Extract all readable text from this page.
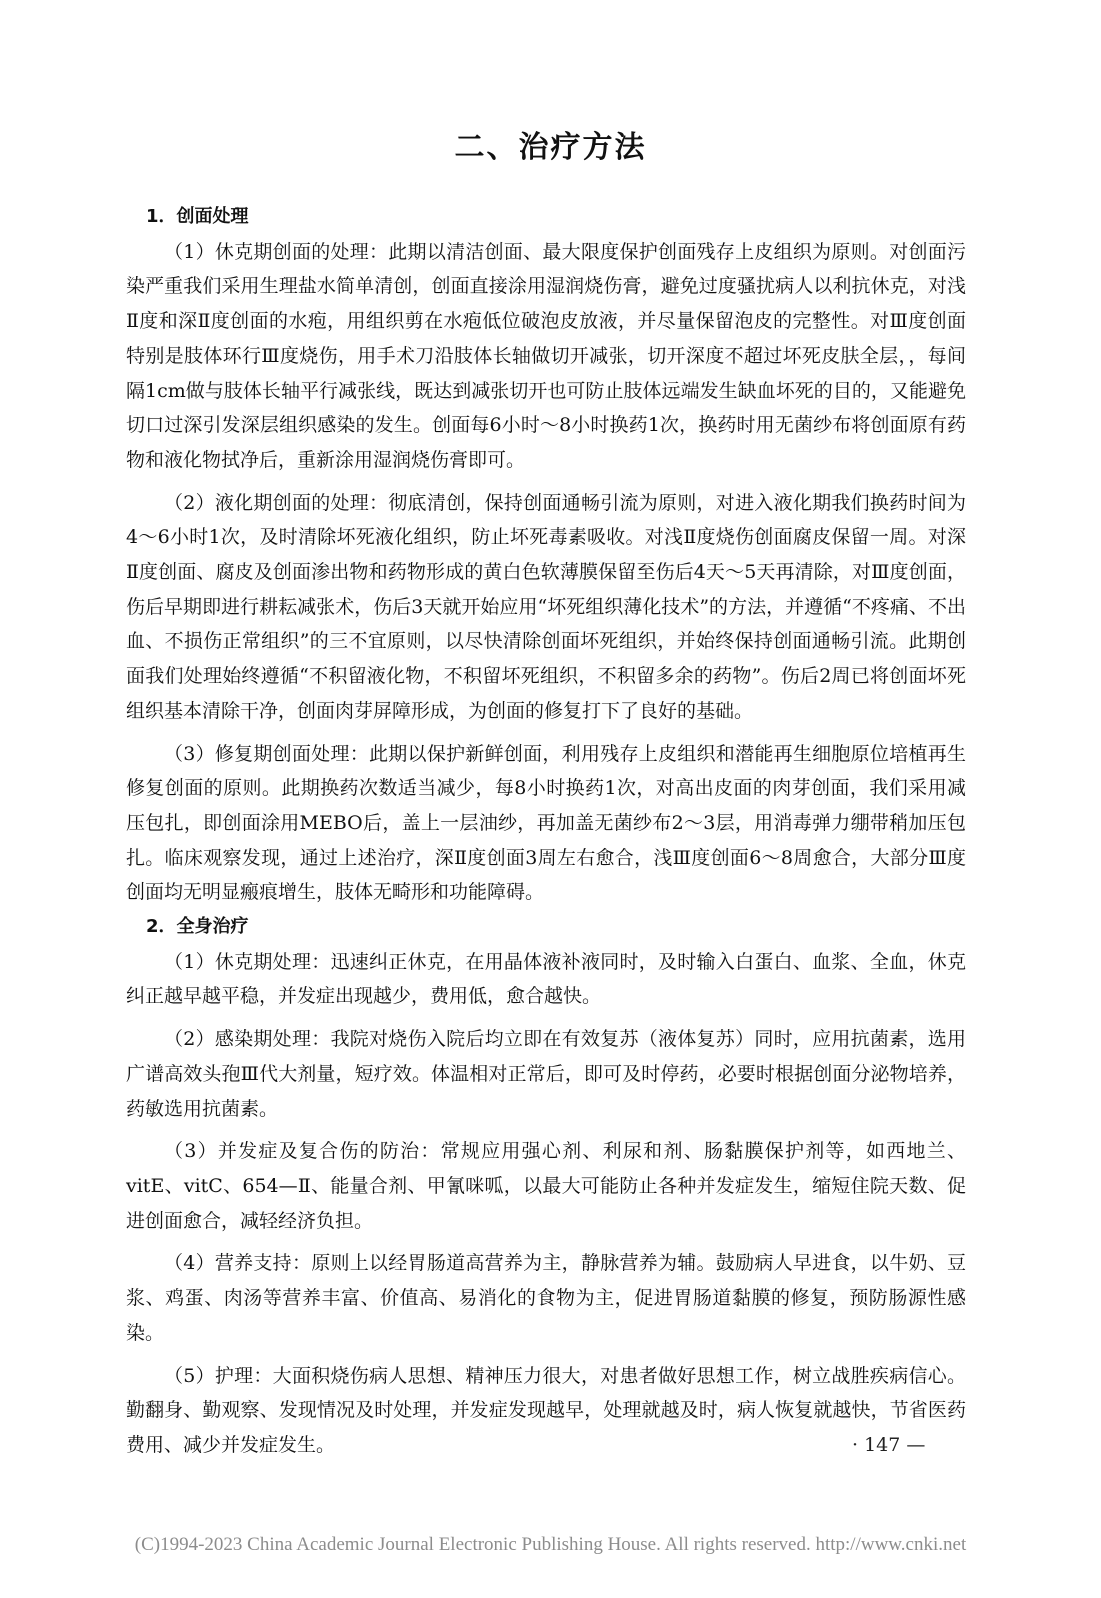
二、治疗方法

1．创面处理

（1）休克期创面的处理：此期以清洁创面、最大限度保护创面残存上皮组织为原则。对创面污染严重我们采用生理盐水简单清创，创面直接涂用湿润烧伤膏，避免过度骚扰病人以利抗休克，对浅Ⅱ度和深Ⅱ度创面的水疱，用组织剪在水疱低位破泡皮放液，并尽量保留泡皮的完整性。对Ⅲ度创面特别是肢体环行Ⅲ度烧伤，用手术刀沿肢体长轴做切开减张，切开深度不超过坏死皮肤全层，，每间隔1cm做与肢体长轴平行减张线，既达到减张切开也可防止肢体远端发生缺血坏死的目的，又能避免切口过深引发深层组织感染的发生。创面每6小时～8小时换药1次，换药时用无菌纱布将创面原有药物和液化物拭净后，重新涂用湿润烧伤膏即可。

（2）液化期创面的处理：彻底清创，保持创面通畅引流为原则，对进入液化期我们换药时间为4～6小时1次，及时清除坏死液化组织，防止坏死毒素吸收。对浅Ⅱ度烧伤创面腐皮保留一周。对深Ⅱ度创面、腐皮及创面渗出物和药物形成的黄白色软薄膜保留至伤后4天～5天再清除，对Ⅲ度创面，伤后早期即进行耕耘减张术，伤后3天就开始应用“坏死组织薄化技术”的方法，并遵循“不疼痛、不出血、不损伤正常组织”的三不宜原则，以尽快清除创面坏死组织，并始终保持创面通畅引流。此期创面我们处理始终遵循“不积留液化物，不积留坏死组织，不积留多余的药物”。伤后2周已将创面坏死组织基本清除干净，创面肉芽屏障形成，为创面的修复打下了良好的基础。

（3）修复期创面处理：此期以保护新鲜创面，利用残存上皮组织和潜能再生细胞原位培植再生修复创面的原则。此期换药次数适当减少，每8小时换药1次，对高出皮面的肉芽创面，我们采用减压包扎，即创面涂用MEBO后，盖上一层油纱，再加盖无菌纱布2～3层，用消毒弹力绷带稍加压包扎。临床观察发现，通过上述治疗，深Ⅱ度创面3周左右愈合，浅Ⅲ度创面6～8周愈合，大部分Ⅲ度创面均无明显瘢痕增生，肢体无畸形和功能障碍。

2．全身治疗

（1）休克期处理：迅速纠正休克，在用晶体液补液同时，及时输入白蛋白、血浆、全血，休克纠正越早越平稳，并发症出现越少，费用低，愈合越快。

（2）感染期处理：我院对烧伤入院后均立即在有效复苏（液体复苏）同时，应用抗菌素，选用广谱高效头孢Ⅲ代大剂量，短疗效。体温相对正常后，即可及时停药，必要时根据创面分泌物培养，药敏选用抗菌素。

（3）并发症及复合伤的防治：常规应用强心剂、利尿和剂、肠黏膜保护剂等，如西地兰、vitE、vitC、654—Ⅱ、能量合剂、甲氰咪呱，以最大可能防止各种并发症发生，缩短住院天数、促进创面愈合，减轻经济负担。

（4）营养支持：原则上以经胃肠道高营养为主，静脉营养为辅。鼓励病人早进食，以牛奶、豆浆、鸡蛋、肉汤等营养丰富、价值高、易消化的食物为主，促进胃肠道黏膜的修复，预防肠源性感染。

（5）护理：大面积烧伤病人思想、精神压力很大，对患者做好思想工作，树立战胜疾病信心。勤翻身、勤观察、发现情况及时处理，并发症发现越早，处理就越及时，病人恢复就越快，节省医药费用、减少并发症发生。	· 147 —
(C)1994-2023 China Academic Journal Electronic Publishing House. All rights reserved. http://www.cnki.net
